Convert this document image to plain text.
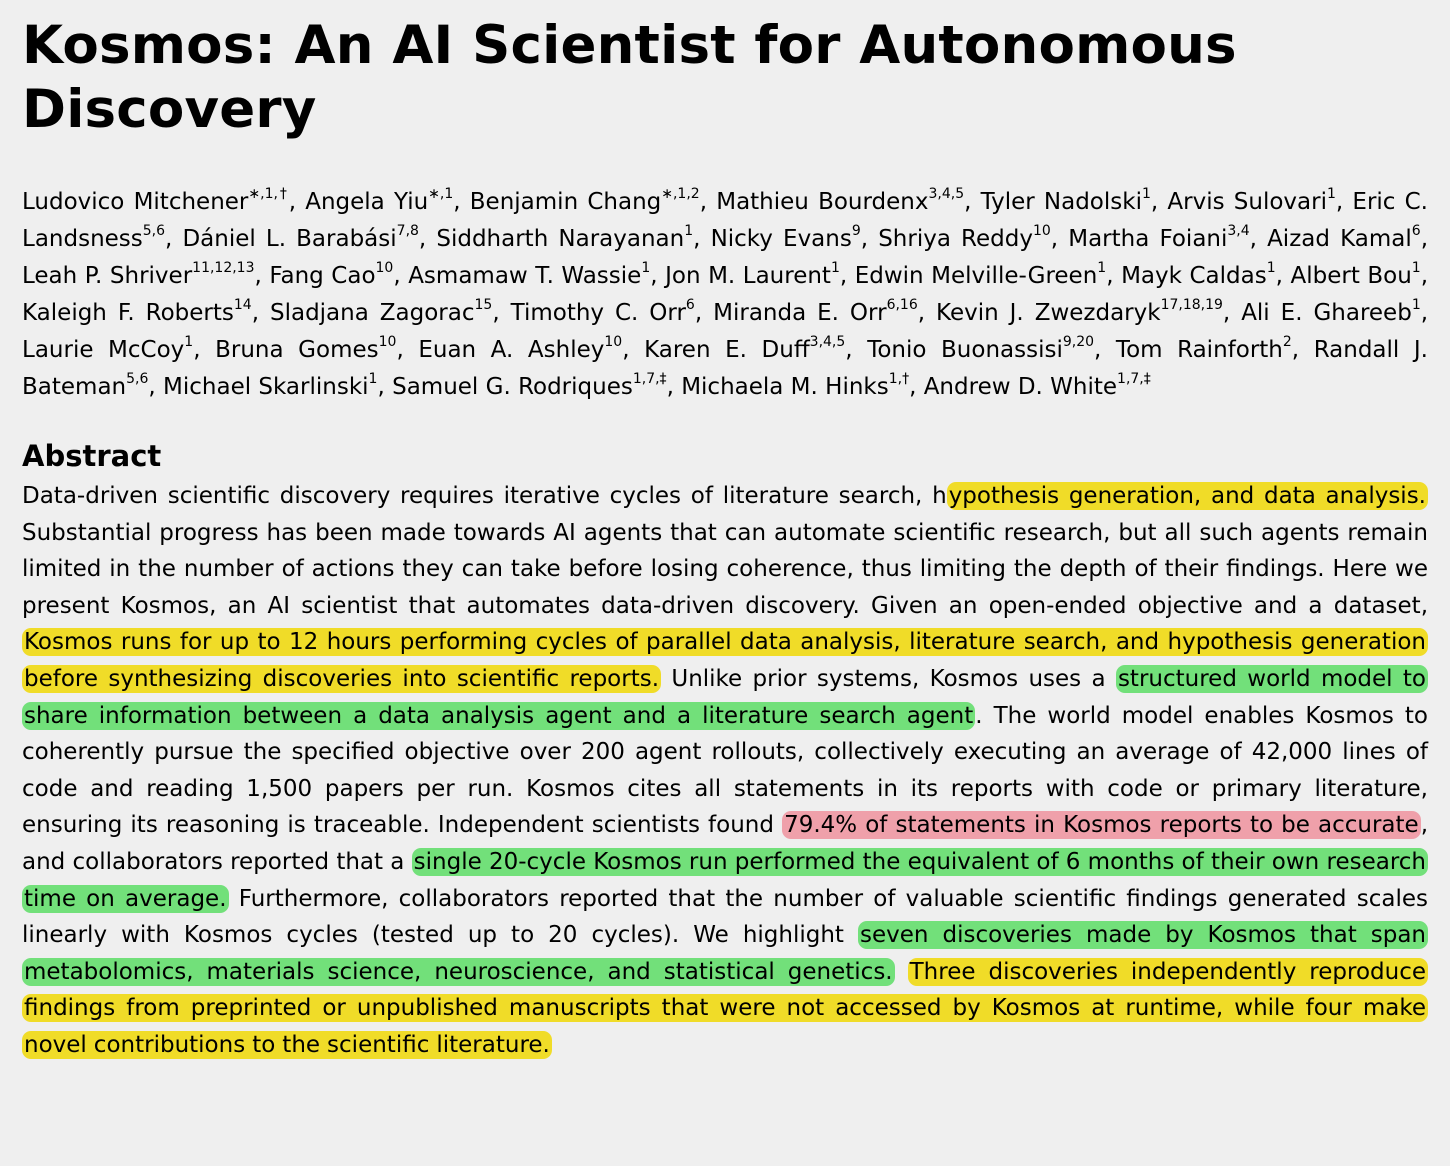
Kosmos: An AI Scientist for Autonomous Discovery

Ludovico Mitchener$^{∗,1,\dagger}$, Angela Yiu$^{∗,1}$, Benjamin Chang$^{∗,1,2}$, Mathieu Bourdenx$^{3,4,5}$, Tyler Nadolski$^1$, Arvis Sulovari$^1$, Eric C. Landsness$^{5,6}$, Dániel L. Barabási$^{7,8}$, Siddharth Narayanan$^1$, Nicky Evans$^9$, Shriya Reddy$^{10}$, Martha Foiani$^{3,4}$, Aizad Kamal$^6$, Leah P. Shriver$^{11,12,13}$, Fang Cao$^{10}$, Asmamaw T. Wassie$^1$, Jon M. Laurent$^1$, Edwin Melville-Green$^1$, Mayk Caldas$^1$, Albert Bou$^1$, Kaleigh F. Roberts$^{14}$, Sladjana Zagorac$^{15}$, Timothy C. Orr$^6$, Miranda E. Orr$^{6,16}$, Kevin J. Zwezdaryk$^{17,18,19}$, Ali E. Ghareeb$^1$, Laurie McCoy$^1$, Bruna Gomes$^{10}$, Euan A. Ashley$^{10}$, Karen E. Duff$^{3,4,5}$, Tonio Buonassisi$^{9,20}$, Tom Rainforth$^2$, Randall J. Bateman$^{5,6}$, Michael Skarlinski$^1$, Samuel G. Rodriques$^{1,7,\ddagger}$, Michaela M. Hinks$^{1,\dagger}$, Andrew D. White$^{1,7,\ddagger}$

Abstract

Data-driven scientific discovery requires iterative cycles of literature search, hypothesis generation, and data analysis. Substantial progress has been made towards AI agents that can automate scientific research, but all such agents remain limited in the number of actions they can take before losing coherence, thus limiting the depth of their findings. Here we present Kosmos, an AI scientist that automates data-driven discovery. Given an open-ended objective and a dataset, Kosmos runs for up to 12 hours performing cycles of parallel data analysis, literature search, and hypothesis generation before synthesizing discoveries into scientific reports. Unlike prior systems, Kosmos uses a structured world model to share information between a data analysis agent and a literature search agent. The world model enables Kosmos to coherently pursue the specified objective over 200 agent rollouts, collectively executing an average of 42,000 lines of code and reading 1,500 papers per run. Kosmos cites all statements in its reports with code or primary literature, ensuring its reasoning is traceable. Independent scientists found 79.4% of statements in Kosmos reports to be accurate, and collaborators reported that a single 20-cycle Kosmos run performed the equivalent of 6 months of their own research time on average. Furthermore, collaborators reported that the number of valuable scientific findings generated scales linearly with Kosmos cycles (tested up to 20 cycles). We highlight seven discoveries made by Kosmos that span metabolomics, materials science, neuroscience, and statistical genetics. Three discoveries independently reproduce findings from preprinted or unpublished manuscripts that were not accessed by Kosmos at runtime, while four make novel contributions to the scientific literature.
